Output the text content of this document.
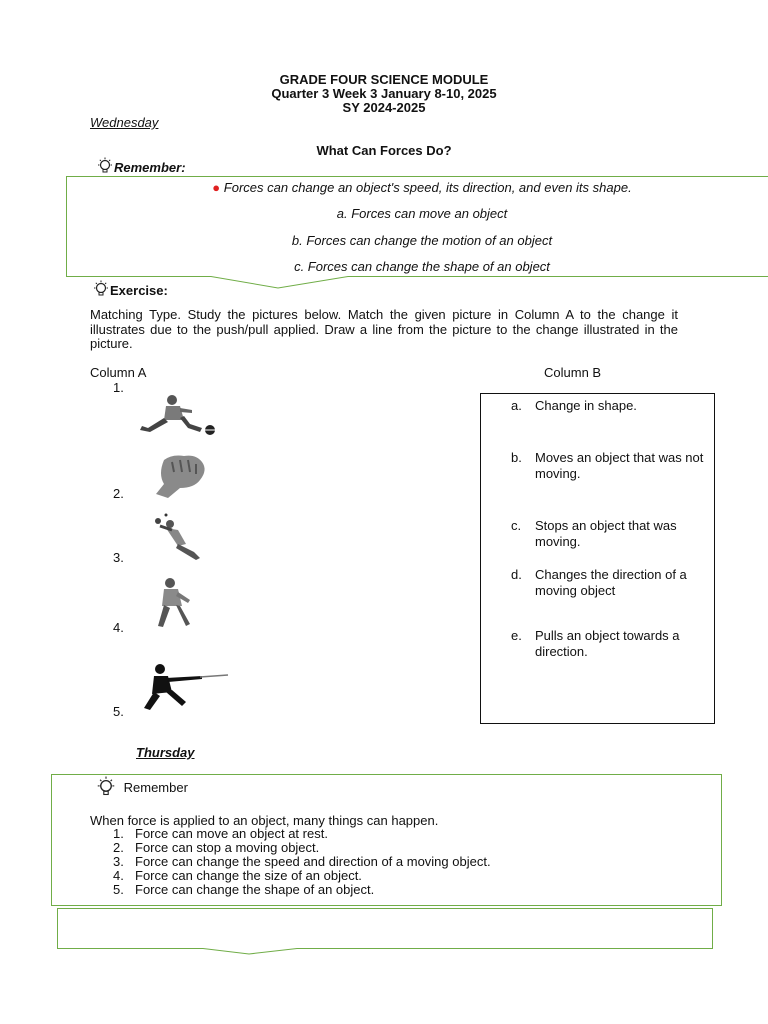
GRADE FOUR SCIENCE MODULE
Quarter 3 Week 3 January 8-10, 2025
SY 2024-2025
Wednesday
What Can Forces Do?
Remember:
● Forces can change an object's speed, its direction, and even its shape.
a. Forces can move an object
b. Forces can change the motion of an object
c. Forces can change the shape of an object
Exercise:
Matching Type. Study the pictures below. Match the given picture in Column A to the change it illustrates due to the push/pull applied. Draw a line from the picture to the change illustrated in the picture.
Column A	Column B
1.
2.
3.
4.
5.
a. Change in shape.
b. Moves an object that was not moving.
c. Stops an object that was moving.
d. Changes the direction of a moving object
e. Pulls an object towards a direction.
Thursday
Remember
When force is applied to an object, many things can happen.
1. Force can move an object at rest.
2. Force can stop a moving object.
3. Force can change the speed and direction of a moving object.
4. Force can change the size of an object.
5. Force can change the shape of an object.
